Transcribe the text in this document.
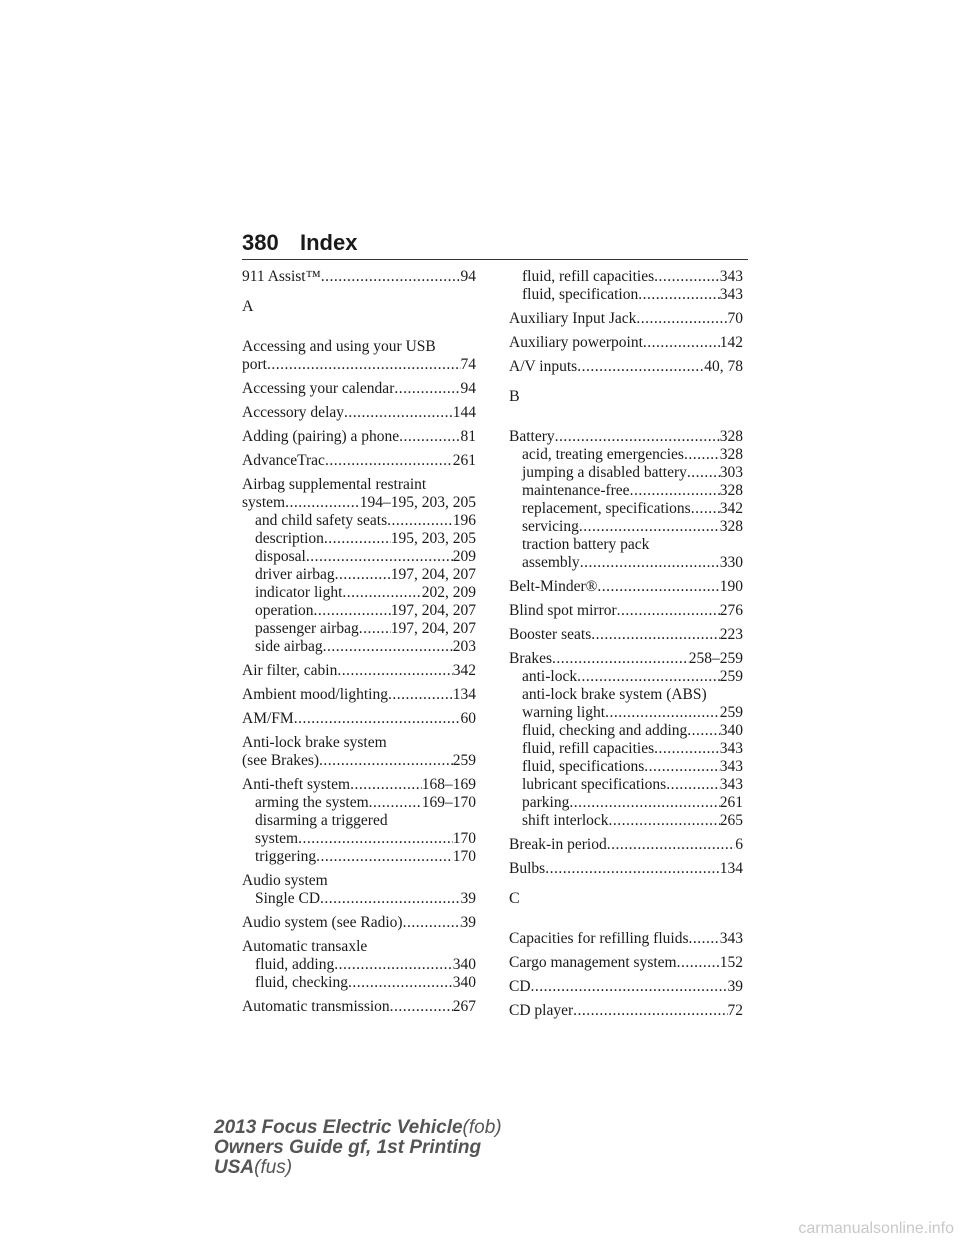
380 Index
911 Assist™ .....	94
A
Accessing and using your USB
port .....	74
Accessing your calendar .....	94
Accessory delay .....	144
Adding (pairing) a phone .....	81
AdvanceTrac .....	261
Airbag supplemental restraint
system .....	194–195, 203, 205
and child safety seats .....	196
description .....	195, 203, 205
disposal .....	209
driver airbag .....	197, 204, 207
indicator light .....	202, 209
operation .....	197, 204, 207
passenger airbag ..... 197, 204, 207
side airbag .....	203
Air filter, cabin .....	342
Ambient mood/lighting .....	134
AM/FM .....	60
Anti-lock brake system
(see Brakes) .....	259
Anti-theft system .....	168–169
arming the system .....	169–170
disarming a triggered
system .....	170
triggering .....	170
Audio system
Single CD .....	39
Audio system (see Radio) .....	39
Automatic transaxle
fluid, adding .....	340
fluid, checking .....	340
Automatic transmission .....	267
fluid, refill capacities .....	343
fluid, specification .....	343
Auxiliary Input Jack .....	70
Auxiliary powerpoint .....	142
A/V inputs .....	40, 78
B
Battery .....	328
acid, treating emergencies ..... 328
jumping a disabled battery ..... 303
maintenance-free .....	328
replacement, specifications ..... 342
servicing .....	328
traction battery pack
assembly .....	330
Belt-Minder® .....	190
Blind spot mirror .....	276
Booster seats .....	223
Brakes .....	258–259
anti-lock .....	259
anti-lock brake system (ABS)
warning light .....	259
fluid, checking and adding ..... 340
fluid, refill capacities .....	343
fluid, specifications .....	343
lubricant specifications .....	343
parking .....	261
shift interlock .....	265
Break-in period .....	6
Bulbs .....	134
C
Capacities for refilling fluids ..... 343
Cargo management system .....	152
CD .....	39
CD player .....	72
2013 Focus Electric Vehicle(fob)
Owners Guide gf, 1st Printing
USA(fus)
carmanualsonline.info
